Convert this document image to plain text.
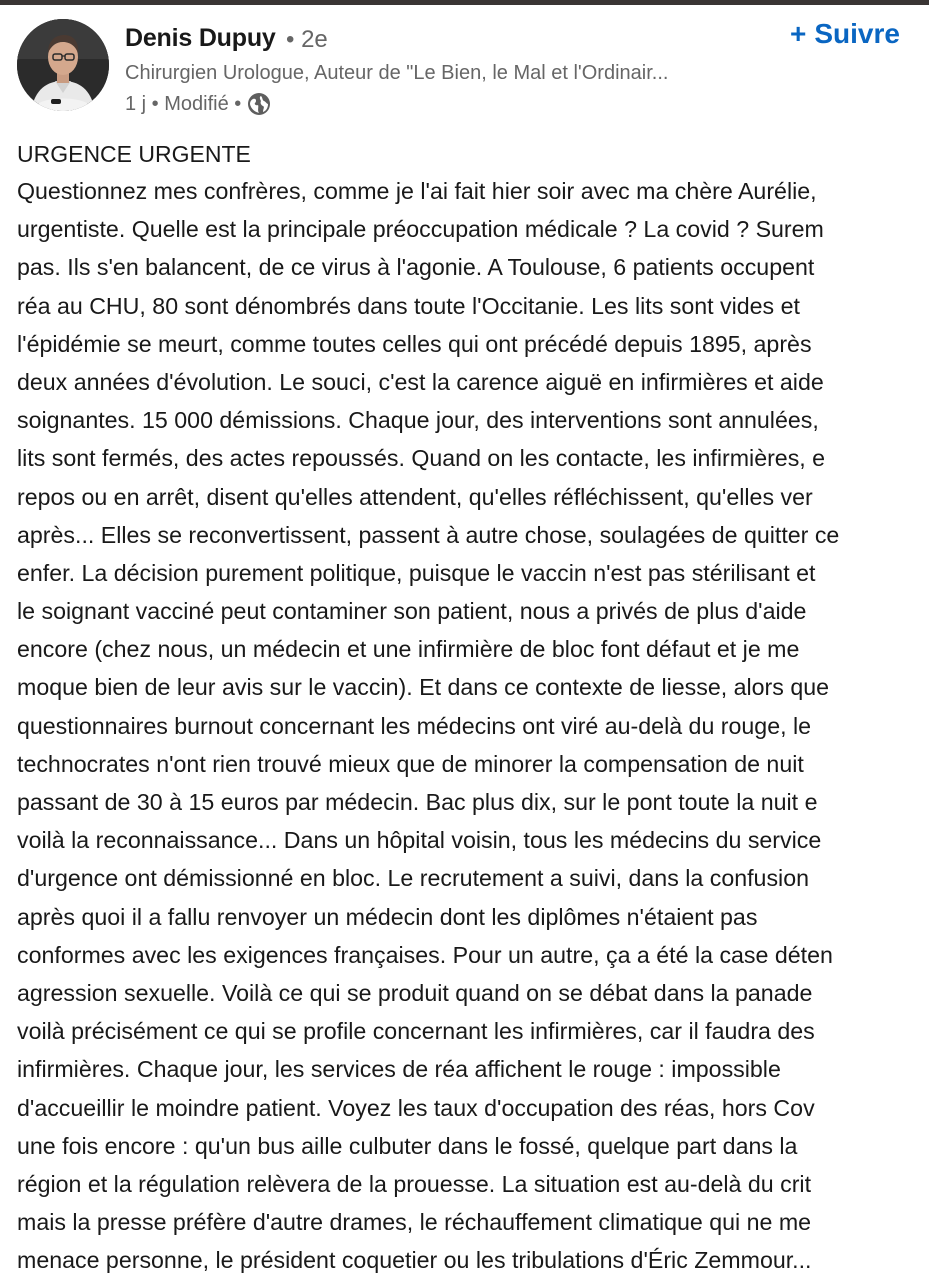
Denis Dupuy • 2e	+ Suivre
Chirurgien Urologue, Auteur de "Le Bien, le Mal et l'Ordinair...
1 j • Modifié •
URGENCE URGENTE
Questionnez mes confrères, comme je l'ai fait hier soir avec ma chère Aurélie,
urgentiste. Quelle est la principale préoccupation médicale ? La covid ? Surem
pas. Ils s'en balancent, de ce virus à l'agonie. A Toulouse, 6 patients occupent
réa au CHU, 80 sont dénombrés dans toute l'Occitanie. Les lits sont vides et
l'épidémie se meurt, comme toutes celles qui ont précédé depuis 1895, après
deux années d'évolution. Le souci, c'est la carence aiguë en infirmières et aide
soignantes. 15 000 démissions. Chaque jour, des interventions sont annulées,
lits sont fermés, des actes repoussés. Quand on les contacte, les infirmières, e
repos ou en arrêt, disent qu'elles attendent, qu'elles réfléchissent, qu'elles ver
après... Elles se reconvertissent, passent à autre chose, soulagées de quitter ce
enfer. La décision purement politique, puisque le vaccin n'est pas stérilisant et
le soignant vacciné peut contaminer son patient, nous a privés de plus d'aide
encore (chez nous, un médecin et une infirmière de bloc font défaut et je me
moque bien de leur avis sur le vaccin). Et dans ce contexte de liesse, alors que
questionnaires burnout concernant les médecins ont viré au-delà du rouge, le
technocrates n'ont rien trouvé mieux que de minorer la compensation de nuit
passant de 30 à 15 euros par médecin. Bac plus dix, sur le pont toute la nuit e
voilà la reconnaissance... Dans un hôpital voisin, tous les médecins du service
d'urgence ont démissionné en bloc. Le recrutement a suivi, dans la confusion
après quoi il a fallu renvoyer un médecin dont les diplômes n'étaient pas
conformes avec les exigences françaises. Pour un autre, ça a été la case déten
agression sexuelle. Voilà ce qui se produit quand on se débat dans la panade
voilà précisément ce qui se profile concernant les infirmières, car il faudra des
infirmières. Chaque jour, les services de réa affichent le rouge : impossible
d'accueillir le moindre patient. Voyez les taux d'occupation des réas, hors Cov
une fois encore : qu'un bus aille culbuter dans le fossé, quelque part dans la
région et la régulation relèvera de la prouesse. La situation est au-delà du crit
mais la presse préfère d'autre drames, le réchauffement climatique qui ne me
menace personne, le président coquetier ou les tribulations d'Éric Zemmour...
